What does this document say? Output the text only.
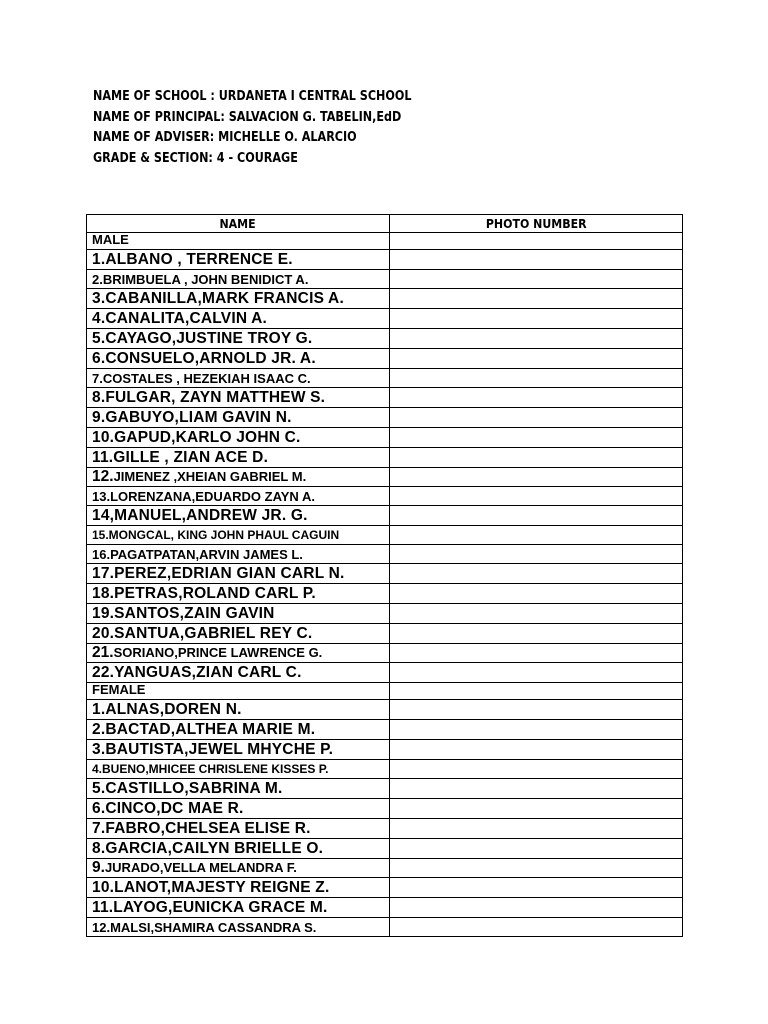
NAME OF SCHOOL : URDANETA I CENTRAL SCHOOL
NAME OF PRINCIPAL: SALVACION G. TABELIN,EdD
NAME OF ADVISER: MICHELLE O. ALARCIO
GRADE & SECTION: 4 - COURAGE
NAME	PHOTO NUMBER
MALE	
1.ALBANO , TERRENCE E.	
2.BRIMBUELA , JOHN BENIDICT A.	
3.CABANILLA,MARK FRANCIS A.	
4.CANALITA,CALVIN A.	
5.CAYAGO,JUSTINE TROY G.	
6.CONSUELO,ARNOLD JR. A.	
7.COSTALES , HEZEKIAH ISAAC C.	
8.FULGAR, ZAYN MATTHEW S.	
9.GABUYO,LIAM GAVIN N.	
10.GAPUD,KARLO JOHN C.	
11.GILLE , ZIAN ACE D.	
12.JIMENEZ ,XHEIAN GABRIEL M.	
13.LORENZANA,EDUARDO ZAYN A.	
14,MANUEL,ANDREW JR. G.	
15.MONGCAL, KING JOHN PHAUL CAGUIN	
16.PAGATPATAN,ARVIN JAMES L.	
17.PEREZ,EDRIAN GIAN CARL N.	
18.PETRAS,ROLAND CARL P.	
19.SANTOS,ZAIN GAVIN	
20.SANTUA,GABRIEL REY C.	
21.SORIANO,PRINCE LAWRENCE G.	
22.YANGUAS,ZIAN CARL C.	
FEMALE	
1.ALNAS,DOREN N.	
2.BACTAD,ALTHEA MARIE M.	
3.BAUTISTA,JEWEL MHYCHE P.	
4.BUENO,MHICEE CHRISLENE KISSES P.	
5.CASTILLO,SABRINA M.	
6.CINCO,DC MAE R.	
7.FABRO,CHELSEA ELISE R.	
8.GARCIA,CAILYN BRIELLE O.	
9.JURADO,VELLA MELANDRA F.	
10.LANOT,MAJESTY REIGNE Z.	
11.LAYOG,EUNICKA GRACE M.	
12.MALSI,SHAMIRA CASSANDRA S.	
